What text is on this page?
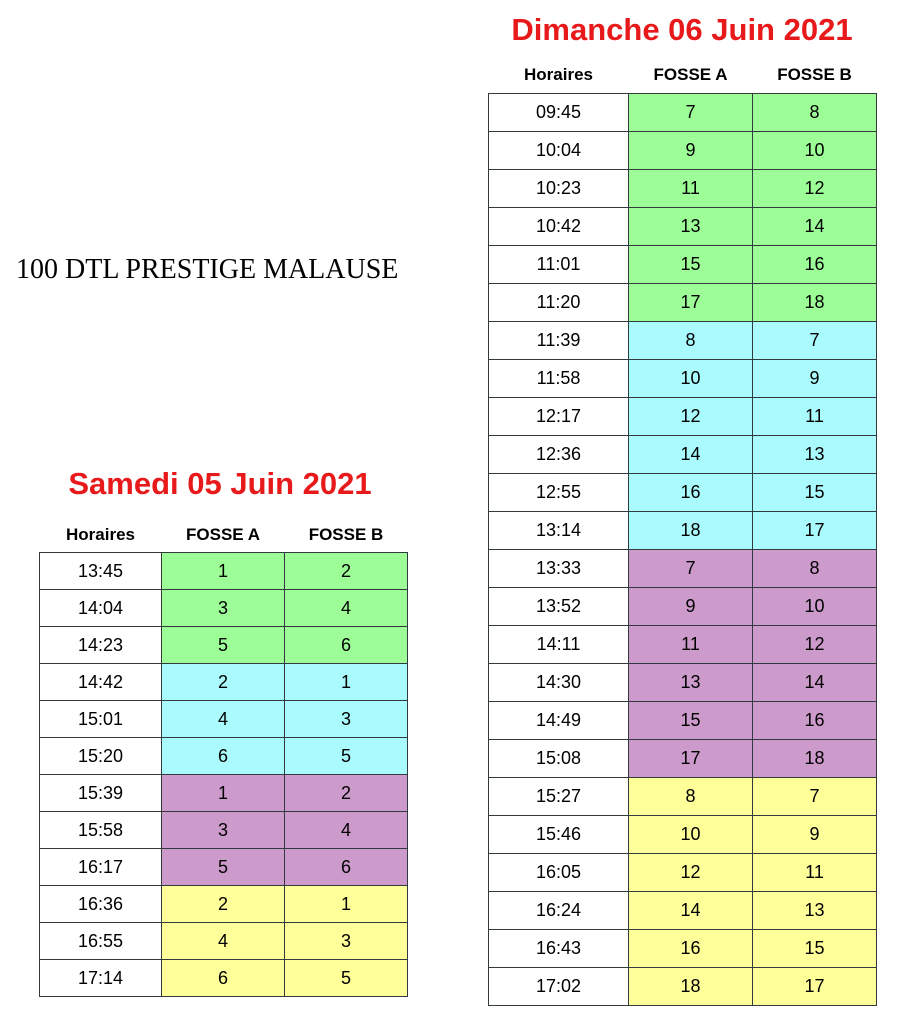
100 DTL PRESTIGE MALAUSE
Dimanche 06 Juin 2021
Horaires	FOSSE A	FOSSE B
09:45	7	8
10:04	9	10
10:23	11	12
10:42	13	14
11:01	15	16
11:20	17	18
11:39	8	7
11:58	10	9
12:17	12	11
12:36	14	13
12:55	16	15
13:14	18	17
13:33	7	8
13:52	9	10
14:11	11	12
14:30	13	14
14:49	15	16
15:08	17	18
15:27	8	7
15:46	10	9
16:05	12	11
16:24	14	13
16:43	16	15
17:02	18	17
Samedi 05 Juin 2021
Horaires	FOSSE A	FOSSE B
13:45	1	2
14:04	3	4
14:23	5	6
14:42	2	1
15:01	4	3
15:20	6	5
15:39	1	2
15:58	3	4
16:17	5	6
16:36	2	1
16:55	4	3
17:14	6	5
